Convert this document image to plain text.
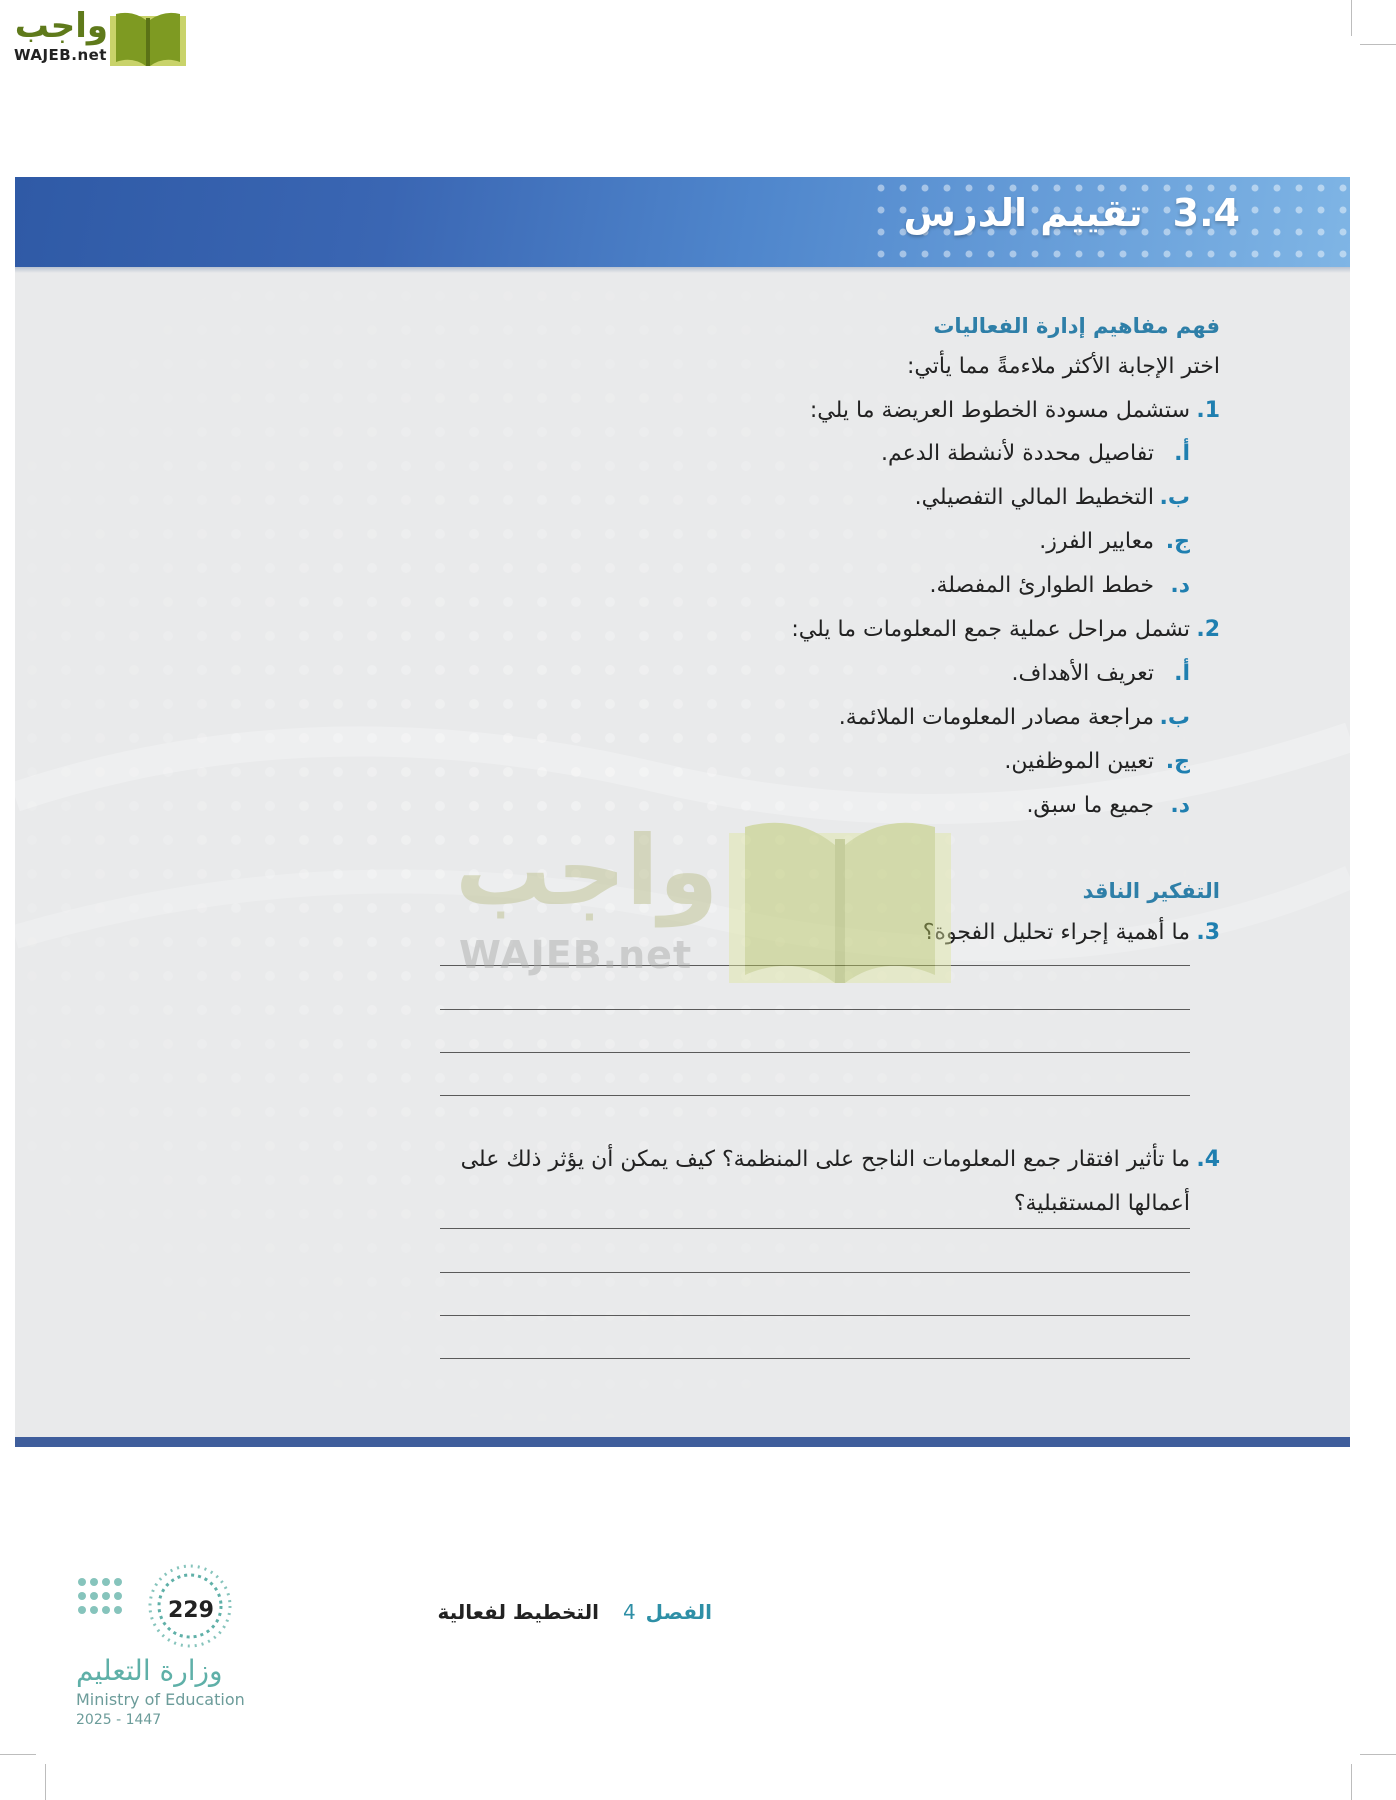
واجب
WAJEB.net
3.4تقييم الدرس
فهم مفاهيم إدارة الفعاليات
اختر الإجابة الأكثر ملاءمةً مما يأتي:
1.
ستشمل مسودة الخطوط العريضة ما يلي:
أ.
تفاصيل محددة لأنشطة الدعم.
ب.
التخطيط المالي التفصيلي.
ج.
معايير الفرز.
د.
خطط الطوارئ المفصلة.
2.
تشمل مراحل عملية جمع المعلومات ما يلي:
أ.
تعريف الأهداف.
ب.
مراجعة مصادر المعلومات الملائمة.
ج.
تعيين الموظفين.
د.
جميع ما سبق.
التفكير الناقد
3.
ما أهمية إجراء تحليل الفجوة؟
4.
ما تأثير افتقار جمع المعلومات الناجح على المنظمة؟ كيف يمكن أن يؤثر ذلك على أعمالها المستقبلية؟
واجب
WAJEB.net
الفصل4التخطيط لفعالية
229
وزارة التعليم
Ministry of Education
2025 - 1447
